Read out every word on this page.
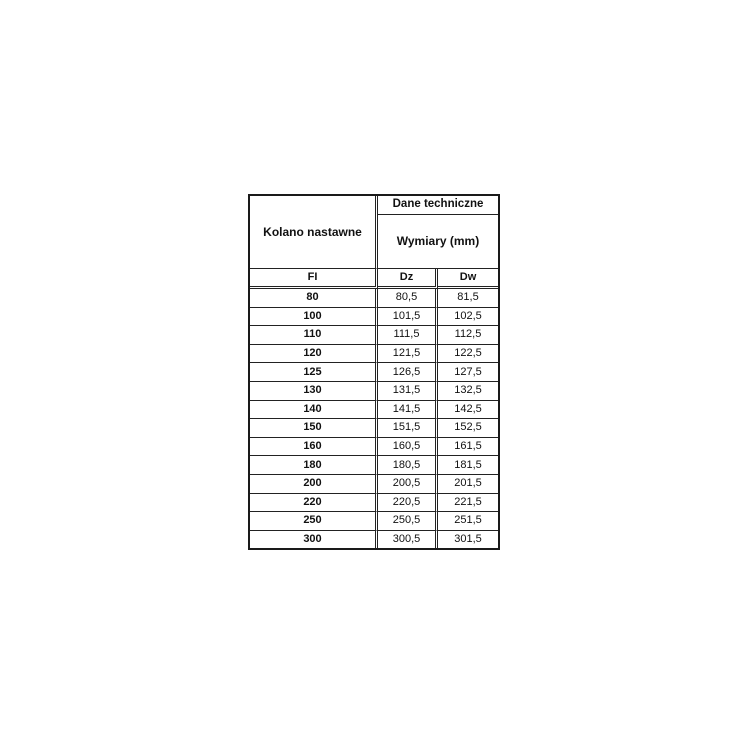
Kolano nastawne	Dane techniczne	
	Wymiary (mm)	
FI	Dz	Dw
80	80,5	81,5
100	101,5	102,5
110	111,5	112,5
120	121,5	122,5
125	126,5	127,5
130	131,5	132,5
140	141,5	142,5
150	151,5	152,5
160	160,5	161,5
180	180,5	181,5
200	200,5	201,5
220	220,5	221,5
250	250,5	251,5
300	300,5	301,5
